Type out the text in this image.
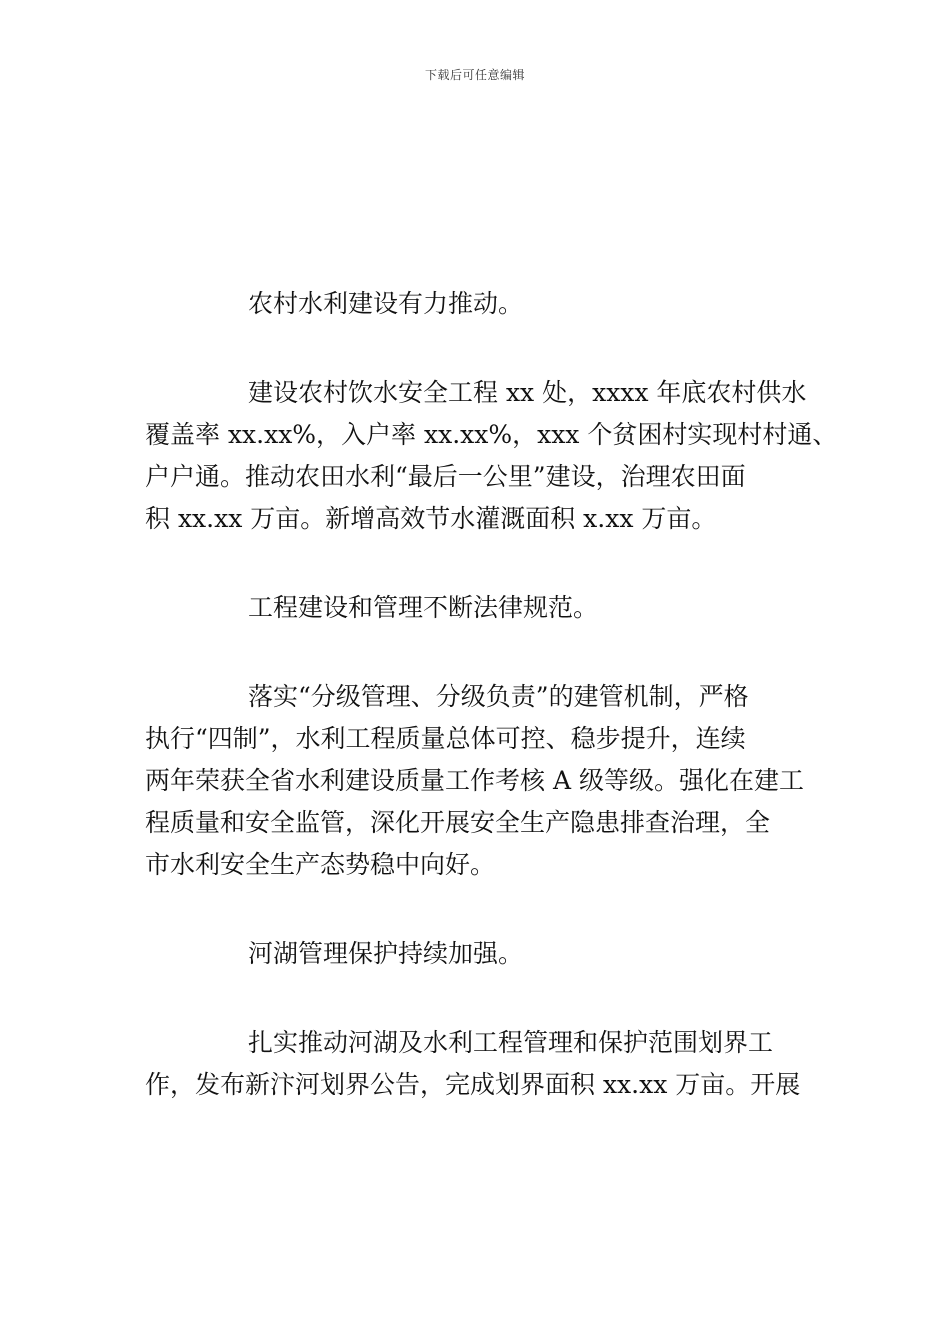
下载后可任意编辑
农村水利建设有力推动。
建设农村饮水安全工程 xx 处，xxxx 年底农村供水
覆盖率 xx.xx%，入户率 xx.xx%，xxx 个贫困村实现村村通、
户户通。推动农田水利“最后一公里”建设，治理农田面
积 xx.xx 万亩。新增高效节水灌溉面积 x.xx 万亩。
工程建设和管理不断法律规范。
落实“分级管理、分级负责”的建管机制，严格
执行“四制”，水利工程质量总体可控、稳步提升，连续
两年荣获全省水利建设质量工作考核 A 级等级。强化在建工
程质量和安全监管，深化开展安全生产隐患排查治理，全
市水利安全生产态势稳中向好。
河湖管理保护持续加强。
扎实推动河湖及水利工程管理和保护范围划界工
作，发布新汴河划界公告，完成划界面积 xx.xx 万亩。开展
